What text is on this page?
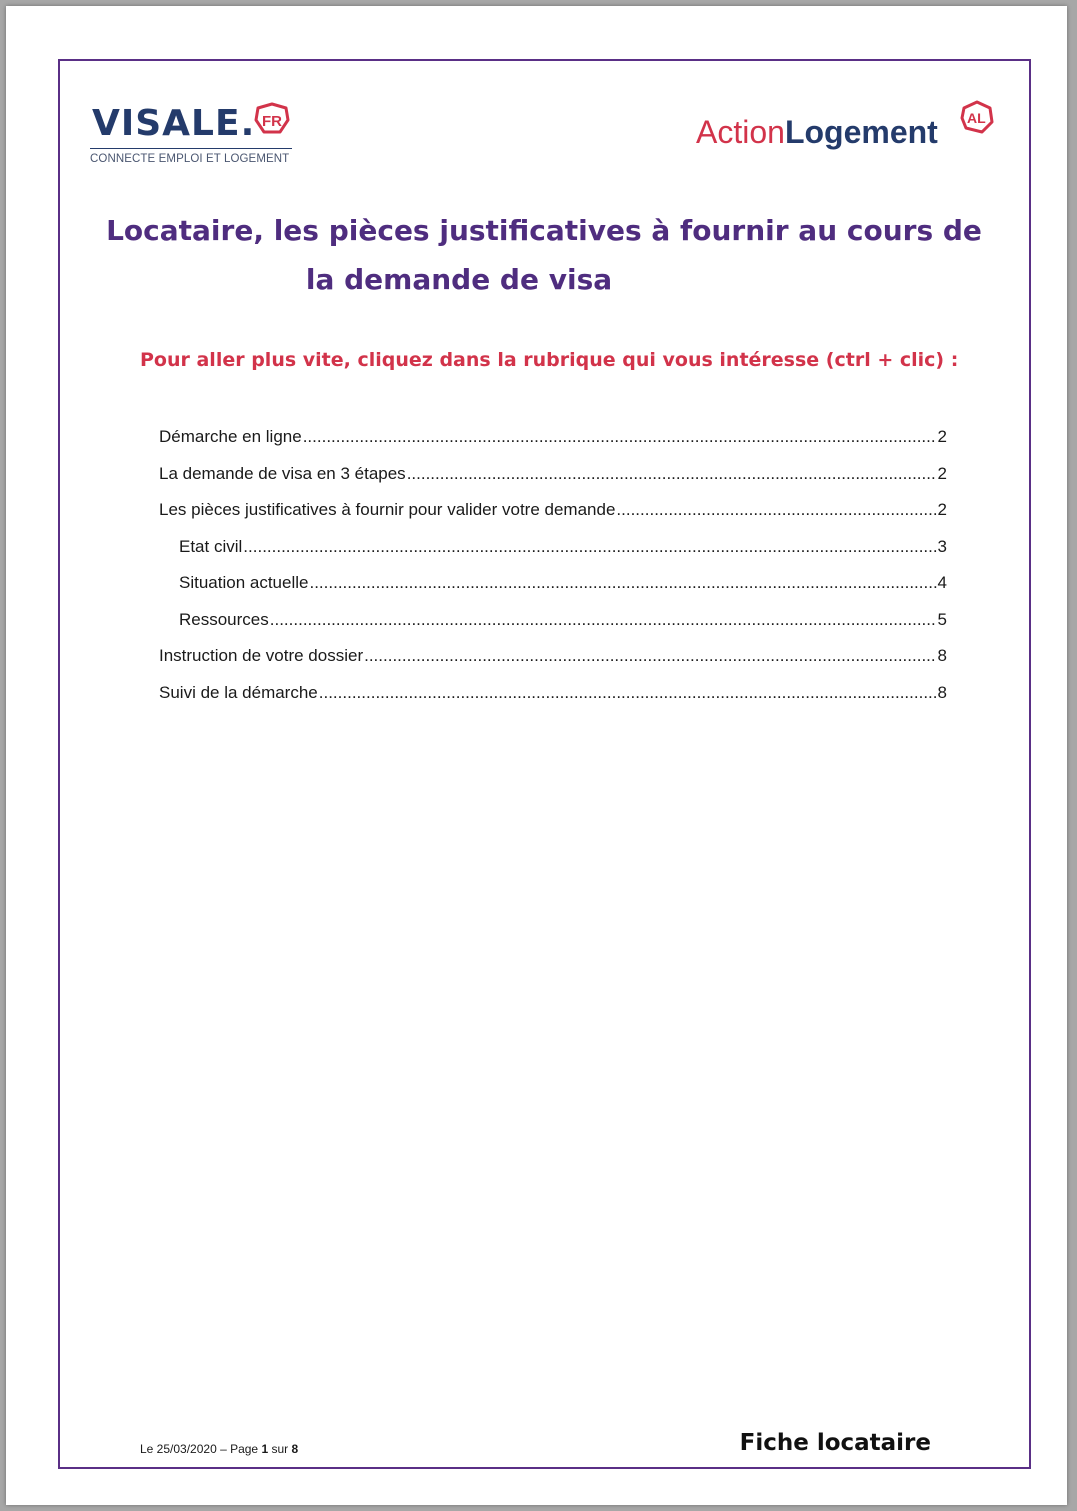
VISALE. FR
CONNECTE EMPLOI ET LOGEMENT
ActionLogement AL
Locataire, les pièces justificatives à fournir au cours de
la demande de visa
Pour aller plus vite, cliquez dans la rubrique qui vous intéresse (ctrl + clic) :
Démarche en ligne .....	2
La demande de visa en 3 étapes .....	2
Les pièces justificatives à fournir pour valider votre demande .....	2
Etat civil .....	3
Situation actuelle .....	4
Ressources .....	5
Instruction de votre dossier .....	8
Suivi de la démarche .....	8
Le 25/03/2020 – Page 1 sur 8	Fiche locataire
